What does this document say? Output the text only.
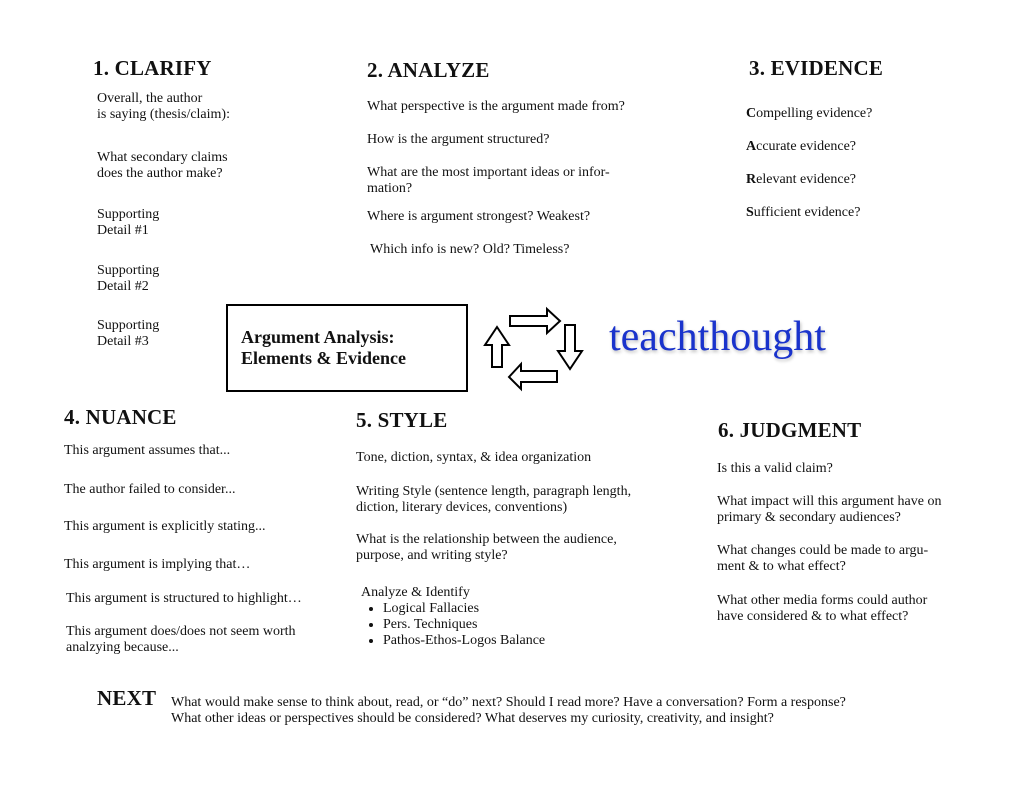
1. CLARIFY
Overall, the author
is saying (thesis/claim):
What secondary claims
does the author make?
Supporting
Detail #1
Supporting
Detail #2
Supporting
Detail #3
2. ANALYZE
What perspective is the argument made from?
How is the argument structured?
What are the most important ideas or infor-
mation?
Where is argument strongest? Weakest?
Which info is new? Old? Timeless?
3. EVIDENCE
Compelling evidence?
Accurate evidence?
Relevant evidence?
Sufficient evidence?
Argument Analysis:
Elements & Evidence	teachthought
4. NUANCE
This argument assumes that...
The author failed to consider...
This argument is explicitly stating...
This argument is implying that…
This argument is structured to highlight…
This argument does/does not seem worth
analzying because...
5. STYLE
Tone, diction, syntax, & idea organization
Writing Style (sentence length, paragraph length,
diction, literary devices, conventions)
What is the relationship between the audience,
purpose, and writing style?
Analyze & Identify
• Logical Fallacies
• Pers. Techniques
• Pathos-Ethos-Logos Balance
6. JUDGMENT
Is this a valid claim?
What impact will this argument have on
primary & secondary audiences?
What changes could be made to argu-
ment & to what effect?
What other media forms could author
have considered & to what effect?
NEXT What would make sense to think about, read, or “do” next? Should I read more? Have a conversation? Form a response?
What other ideas or perspectives should be considered? What deserves my curiosity, creativity, and insight?
